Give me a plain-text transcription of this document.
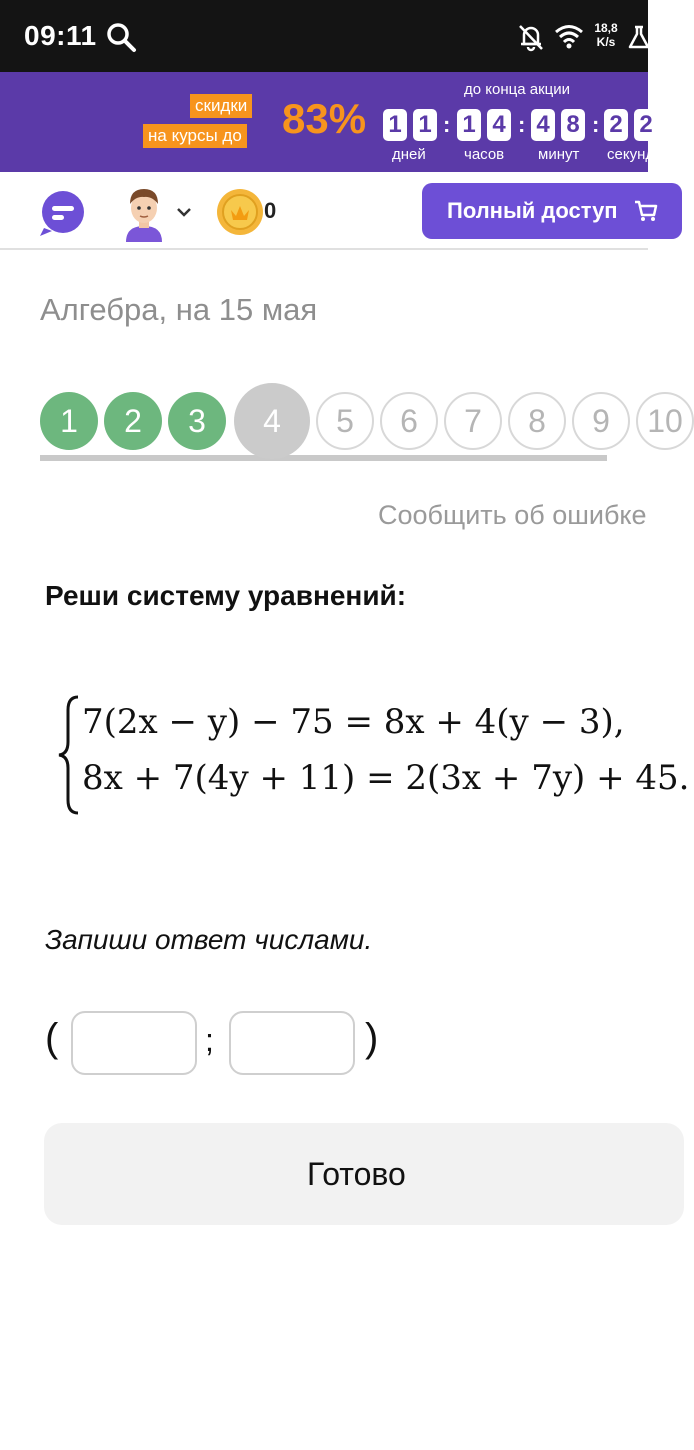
09:11	18,8
K/s
скидки
на курсы до 83%
до конца акции
1 1 : 1 4 : 4 8 : 2 2
дней	часов минут секунд
0	Полный доступ
Алгебра, на 15 мая
1	2	3	4	5	6	7	8	9	10
Сообщить об ошибке
Реши систему уравнений:
7(2x − y) − 75 = 8x + 4(y − 3),
8x + 7(4y + 11) = 2(3x + 7y) + 45.
Запиши ответ числами.
(	;	)
Готово
